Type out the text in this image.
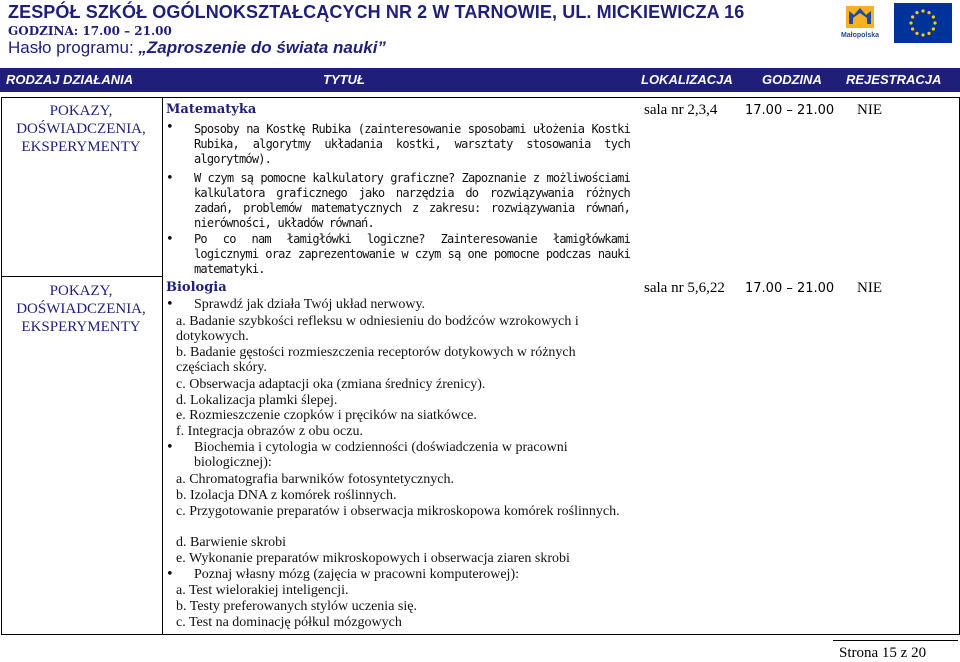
ZESPÓŁ SZKÓŁ OGÓLNOKSZTAŁCĄCYCH NR 2 W TARNOWIE, UL. MICKIEWICZA 16
GODZINA: 17.00 – 21.00
Hasło programu: „Zaproszenie do świata nauki”
Małopolska
RODZAJ DZIAŁANIA	TYTUŁ	LOKALIZACJA GODZINA REJESTRACJA
POKAZY,
DOŚWIADCZENIA,
EKSPERYMENTY
Matematyka
• Sposoby na Kostkę Rubika (zainteresowanie sposobami ułożenia Kostki Rubika, algorytmy układania kostki, warsztaty stosowania tych algorytmów).
• W czym są pomocne kalkulatory graficzne? Zapoznanie z możliwościami kalkulatora graficznego jako narzędzia do rozwiązywania różnych zadań, problemów matematycznych z zakresu: rozwiązywania równań, nierówności, układów równań.
• Po co nam łamigłówki logiczne? Zainteresowanie łamigłówkami logicznymi oraz zaprezentowanie w czym są one pomocne podczas nauki matematyki.
sala nr 2,3,4 17.00 – 21.00 NIE
POKAZY,
DOŚWIADCZENIA,
EKSPERYMENTY
Biologia
• Sprawdź jak działa Twój układ nerwowy.
a. Badanie szybkości refleksu w odniesieniu do bodźców wzrokowych i dotykowych.
b. Badanie gęstości rozmieszczenia receptorów dotykowych w różnych częściach skóry.
c. Obserwacja adaptacji oka (zmiana średnicy źrenicy).
d. Lokalizacja plamki ślepej.
e. Rozmieszczenie czopków i pręcików na siatkówce.
f. Integracja obrazów z obu oczu.
• Biochemia i cytologia w codzienności (doświadczenia w pracowni biologicznej):
a. Chromatografia barwników fotosyntetycznych.
b. Izolacja DNA z komórek roślinnych.
c. Przygotowanie preparatów i obserwacja mikroskopowa komórek roślinnych.
d. Barwienie skrobi
e. Wykonanie preparatów mikroskopowych i obserwacja ziaren skrobi
• Poznaj własny mózg (zajęcia w pracowni komputerowej):
a. Test wielorakiej inteligencji.
b. Testy preferowanych stylów uczenia się.
c. Test na dominację półkul mózgowych
sala nr 5,6,22 17.00 – 21.00 NIE
Strona 15 z 20
